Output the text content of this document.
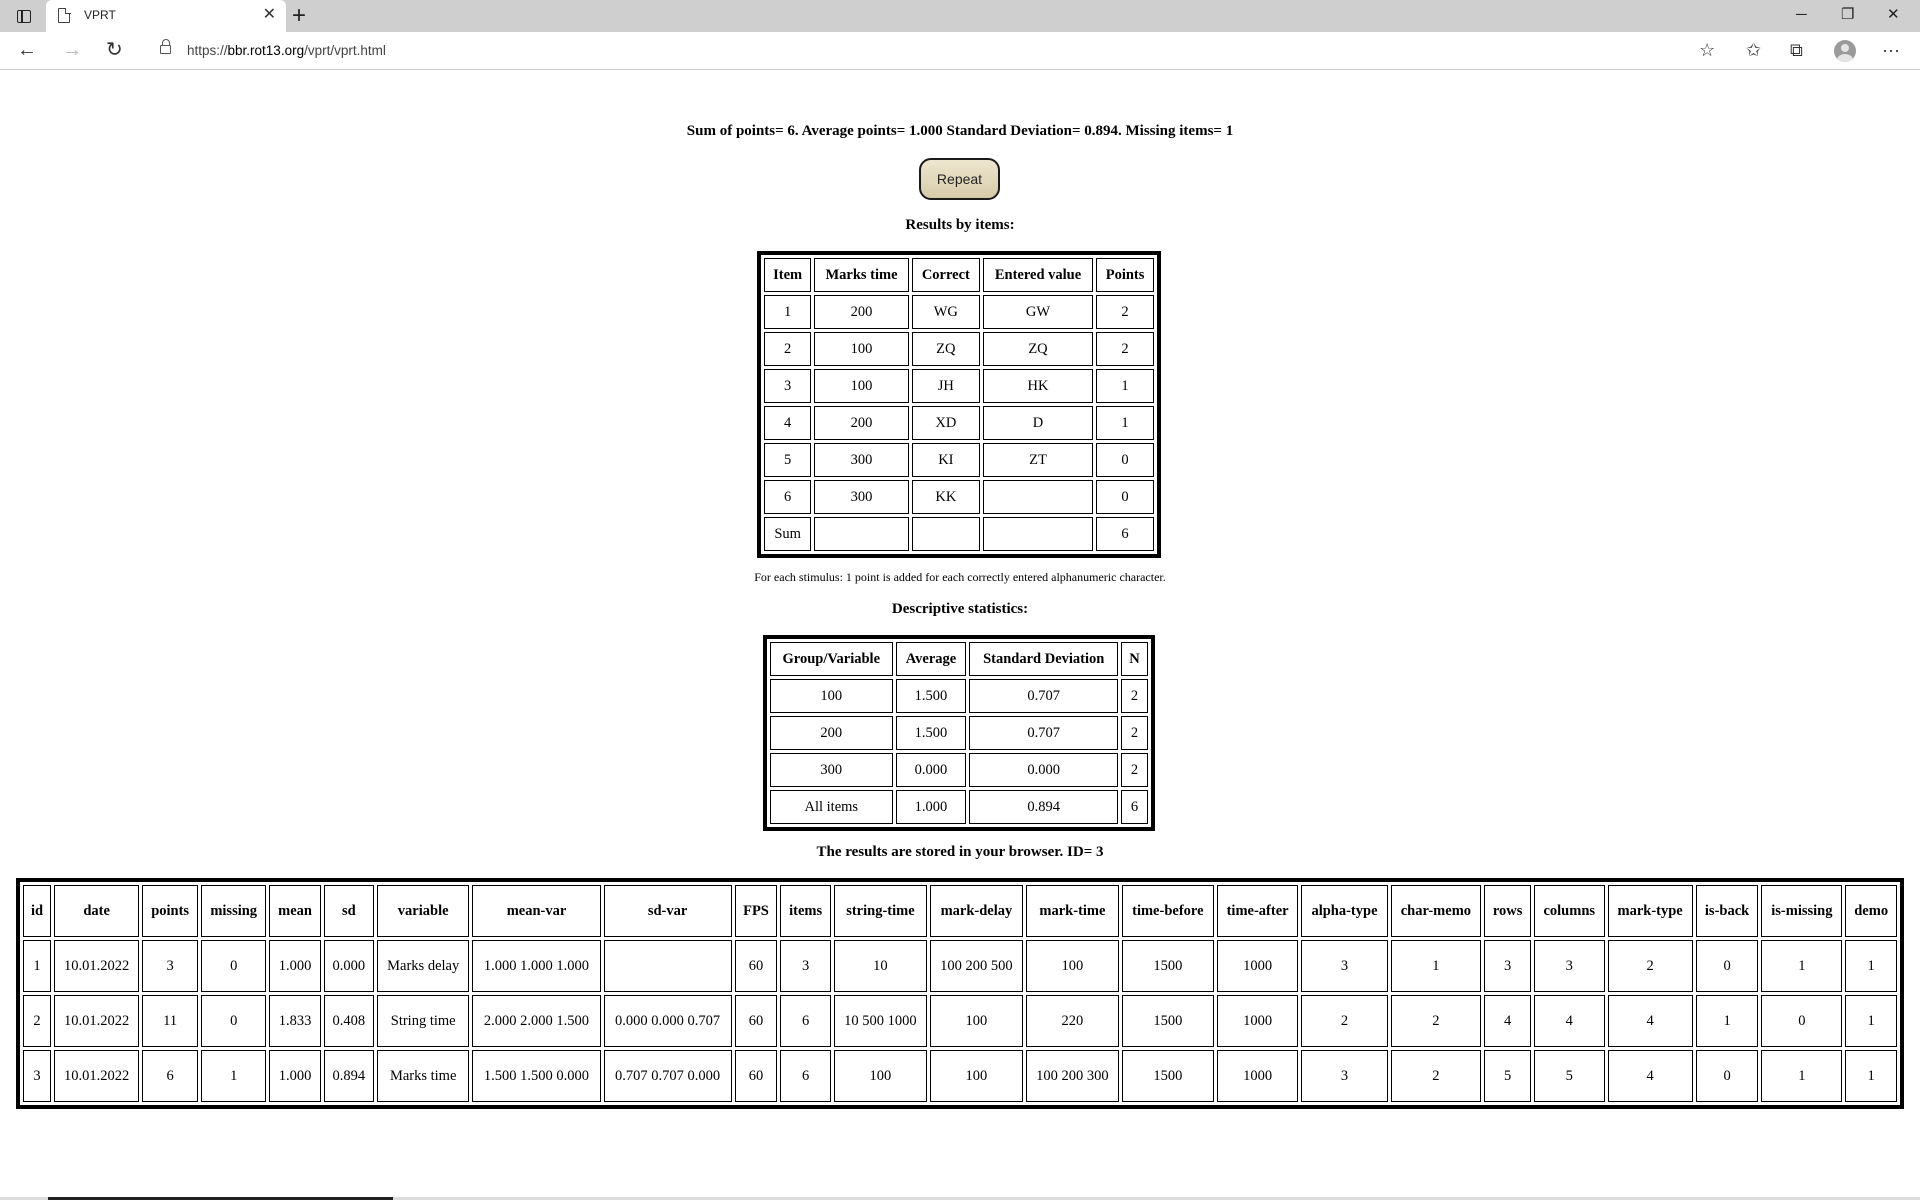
VPRT	✕ +	─ ❐ ✕
← → ↻	https://bbr.rot13.org/vprt/vprt.html	☆ ✩ ⧉	···
Sum of points= 6. Average points= 1.000 Standard Deviation= 0.894. Missing items= 1
Repeat
Results by items:
Item	Marks time	Correct	Entered value	Points
1	200	WG	GW	2
2	100	ZQ	ZQ	2
3	100	JH	HK	1
4	200	XD	D	1
5	300	KI	ZT	0
6	300	KK		0
Sum				6
For each stimulus: 1 point is added for each correctly entered alphanumeric character.
Descriptive statistics:
Group/Variable	Average	Standard Deviation	N
100	1.500	0.707	2
200	1.500	0.707	2
300	0.000	0.000	2
All items	1.000	0.894	6
The results are stored in your browser. ID= 3
id	date	points	missing	mean	sd	variable	mean-var	sd-var	FPS	items	string-time	mark-delay	mark-time	time-before	time-after	alpha-type	char-memo	rows	columns	mark-type	is-back	is-missing	demo
1	10.01.2022	3	0	1.000	0.000	Marks delay	1.000 1.000 1.000		60	3	10	100 200 500	100	1500	1000	3	1	3	3	2	0	1	1
2	10.01.2022	11	0	1.833	0.408	String time	2.000 2.000 1.500	0.000 0.000 0.707	60	6	10 500 1000	100	220	1500	1000	2	2	4	4	4	1	0	1
3	10.01.2022	6	1	1.000	0.894	Marks time	1.500 1.500 0.000	0.707 0.707 0.000	60	6	100	100	100 200 300	1500	1000	3	2	5	5	4	0	1	1
